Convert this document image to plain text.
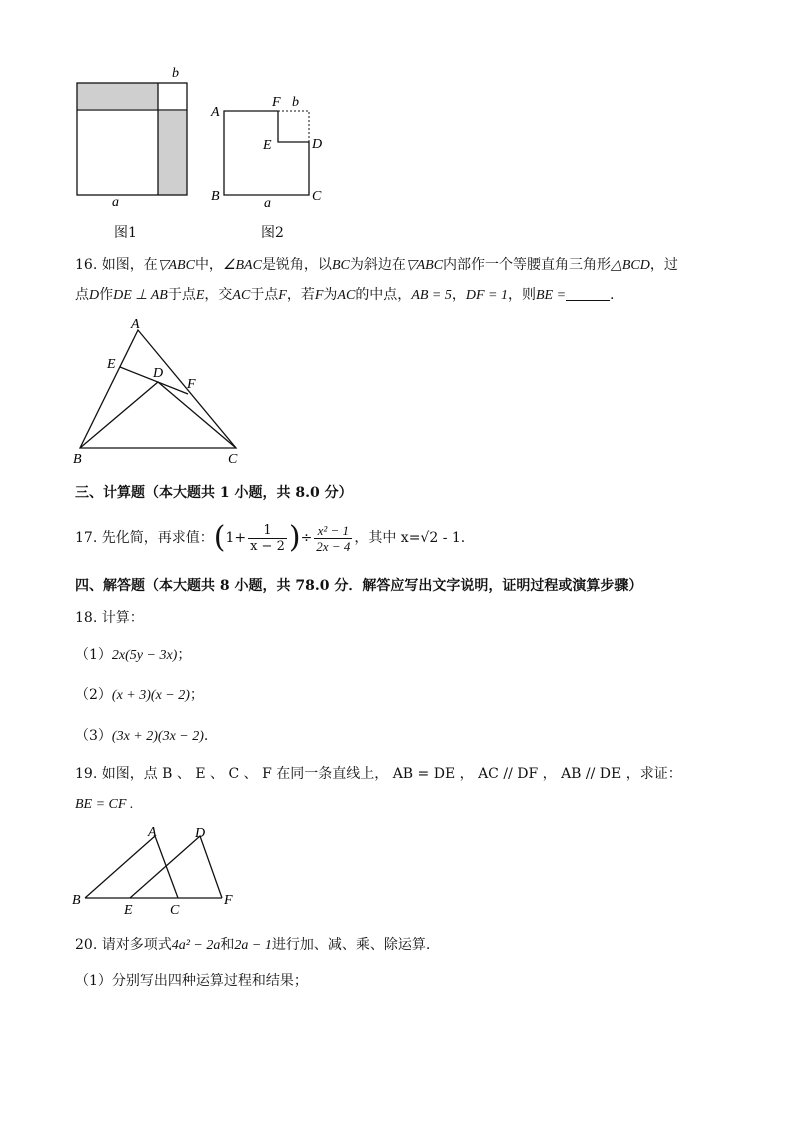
b
a
图1
A
F b
E	D
B	C
a
图2
16. 如图，在▽ABC中，∠BAC是锐角，以BC为斜边在▽ABC内部作一个等腰直角三角形△BCD，过
点D作DE ⊥ AB于点E，交AC于点F，若F为AC的中点，AB = 5，DF = 1，则BE =	.
A
E
D
F
B	C
三、计算题（本大题共 1 小题，共 8.0 分）
17. 先化简，再求值：($1+ \frac{1}{x - 2}$ )÷ $\frac{\text{x² − 1}}{2x - 4}$ ，其中 x=√2 - 1.
四、解答题（本大题共 8 小题，共 78.0 分．解答应写出文字说明，证明过程或演算步骤）
18. 计算：
（1）2x(5y − 3x)；
（2）(x + 3)(x − 2)；
（3）(3x + 2)(3x − 2).
19. 如图，点 B 、 E 、 C 、 F 在同一条直线上， AB = DE ， AC // DF ， AB // DE ，求证：
BE = CF .
A	D
B	F
E	C
20. 请对多项式4a² − 2a和2a − 1进行加、减、乘、除运算.
（1）分别写出四种运算过程和结果；
